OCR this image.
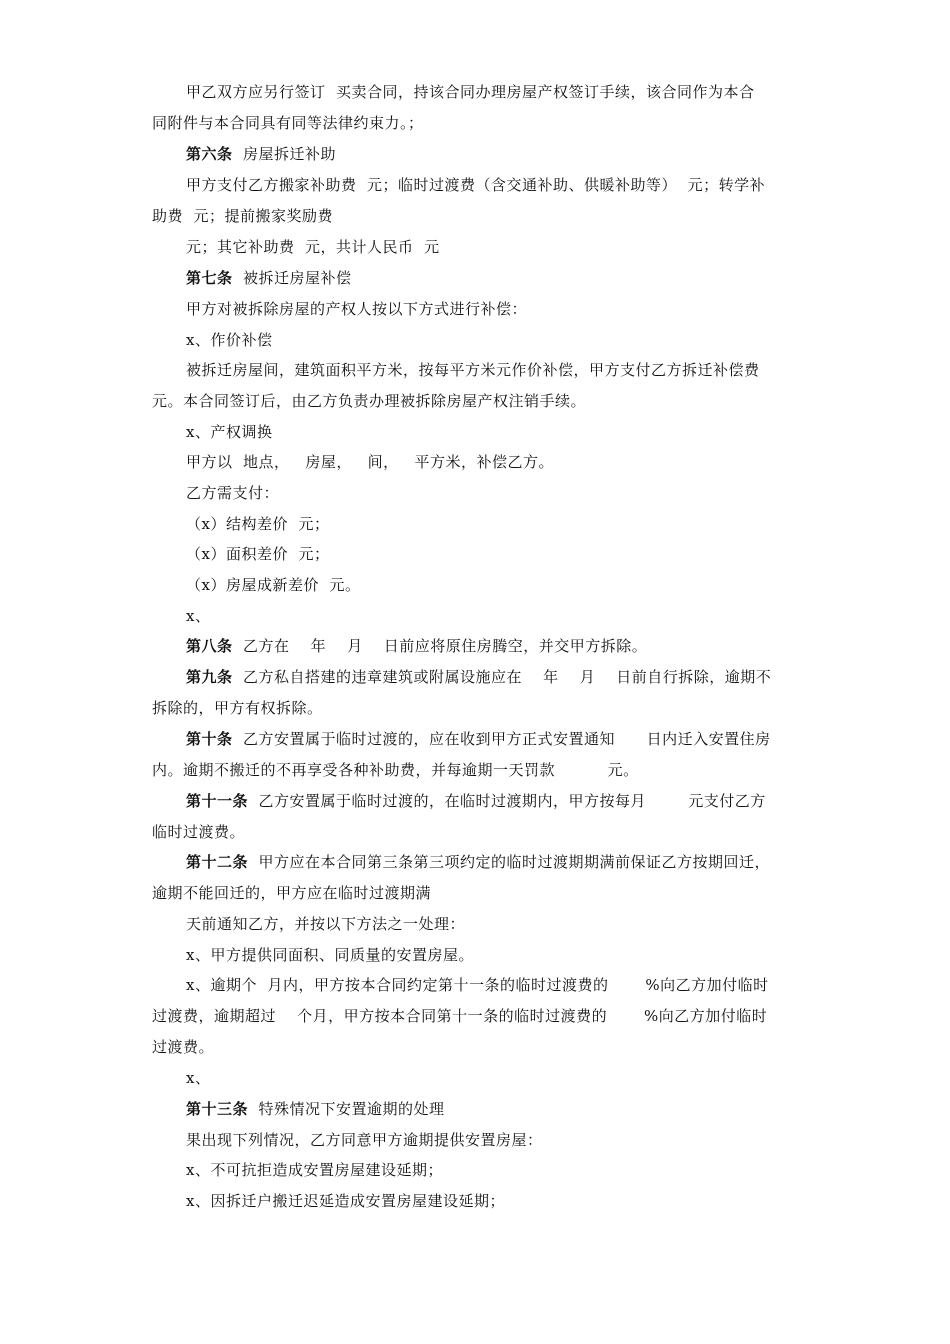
甲乙双方应另行签订  买卖合同，持该合同办理房屋产权签订手续，该合同作为本合
同附件与本合同具有同等法律约束力。；
第六条  房屋拆迁补助
甲方支付乙方搬家补助费  元；临时过渡费（含交通补助、供暖补助等）  元；转学补
助费  元；提前搬家奖励费
元；其它补助费  元，共计人民币  元
第七条  被拆迁房屋补偿
甲方对被拆除房屋的产权人按以下方式进行补偿：
x、作价补偿
被拆迁房屋间，建筑面积平方米，按每平方米元作价补偿，甲方支付乙方拆迁补偿费
元。本合同签订后，由乙方负责办理被拆除房屋产权注销手续。
x、产权调换
甲方以  地点，   房屋，   间，   平方米，补偿乙方。
乙方需支付：
（x）结构差价  元；
（x）面积差价  元；
（x）房屋成新差价  元。
x、
第八条  乙方在    年    月    日前应将原住房腾空，并交甲方拆除。
第九条  乙方私自搭建的违章建筑或附属设施应在    年    月    日前自行拆除，逾期不
拆除的，甲方有权拆除。
第十条  乙方安置属于临时过渡的，应在收到甲方正式安置通知      日内迁入安置住房
内。逾期不搬迁的不再享受各种补助费，并每逾期一天罚款          元。
第十一条  乙方安置属于临时过渡的，在临时过渡期内，甲方按每月        元支付乙方
临时过渡费。
第十二条  甲方应在本合同第三条第三项约定的临时过渡期期满前保证乙方按期回迁，
逾期不能回迁的，甲方应在临时过渡期满
天前通知乙方，并按以下方法之一处理：
x、甲方提供同面积、同质量的安置房屋。
x、逾期个  月内，甲方按本合同约定第十一条的临时过渡费的       %向乙方加付临时
过渡费，逾期超过    个月，甲方按本合同第十一条的临时过渡费的       %向乙方加付临时
过渡费。
x、
第十三条  特殊情况下安置逾期的处理
果出现下列情况，乙方同意甲方逾期提供安置房屋：
x、不可抗拒造成安置房屋建设延期；
x、因拆迁户搬迁迟延造成安置房屋建设延期；
